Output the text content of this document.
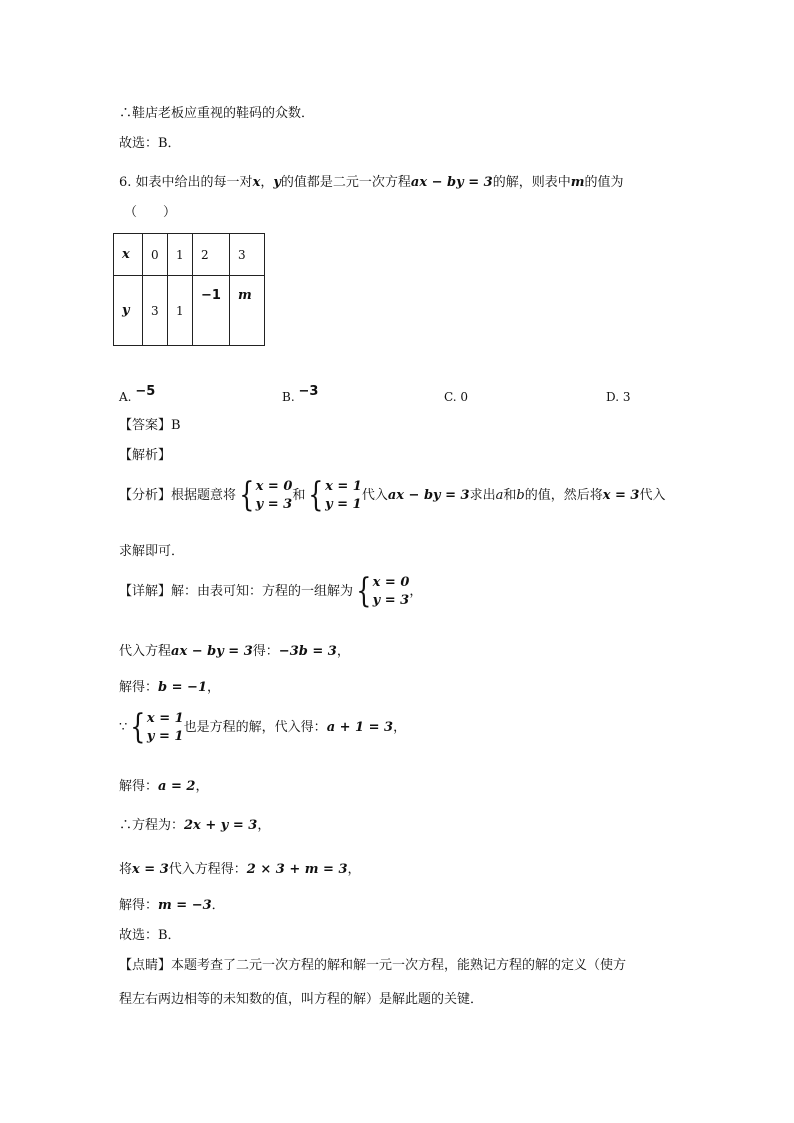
∴鞋店老板应重视的鞋码的众数．
故选：B．
6. 如表中给出的每一对x，y的值都是二元一次方程ax − by = 3的解，则表中m的值为
（　　）
x	0	1	2	3
y	3	1	−1	m
A. −5	B. −3	C. 0	D. 3
【答案】B
【解析】
【分析】根据题意将 { x = 0
y = 3
和 { x = 1
y = 1
代入ax − by = 3求出a和b的值，然后将x = 3代入
求解即可．
【详解】解：由表可知：方程的一组解为 { x = 0
y = 3
，
代入方程ax − by = 3得：−3b = 3，
解得：b = −1，
∵ { x = 1
y = 1
也是方程的解，代入得：a + 1 = 3，
解得：a = 2，
∴方程为：2x + y = 3，
将x = 3代入方程得：2 × 3 + m = 3，
解得：m = −3．
故选：B．
【点睛】本题考查了二元一次方程的解和解一元一次方程，能熟记方程的解的定义（使方
程左右两边相等的未知数的值，叫方程的解）是解此题的关键．
